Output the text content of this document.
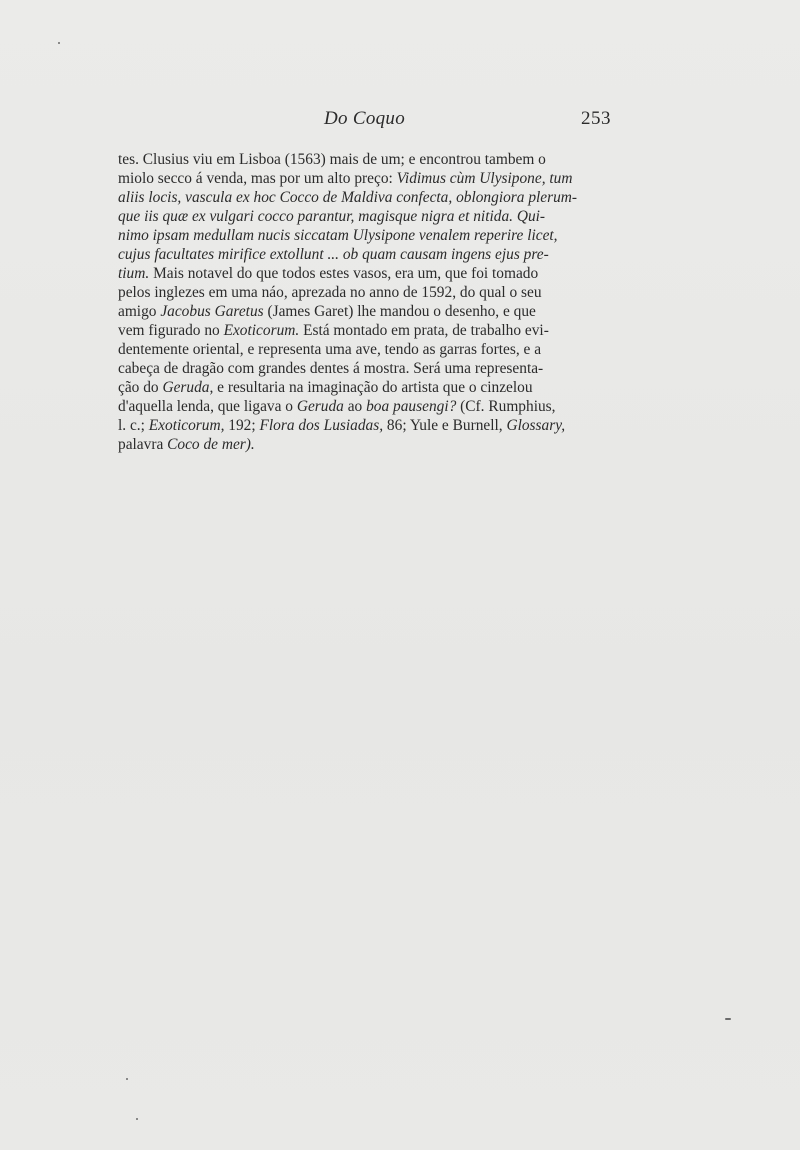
Do Coquo	253
tes. Clusius viu em Lisboa (1563) mais de um; e encontrou tambem o
miolo secco á venda, mas por um alto preço: Vidimus cùm Ulysipone, tum
aliis locis, vascula ex hoc Cocco de Maldiva confecta, oblongiora plerum-
que iis quæ ex vulgari cocco parantur, magisque nigra et nitida. Qui-
nimo ipsam medullam nucis siccatam Ulysipone venalem reperire licet,
cujus facultates mirifice extollunt ... ob quam causam ingens ejus pre-
tium. Mais notavel do que todos estes vasos, era um, que foi tomado
pelos inglezes em uma náo, aprezada no anno de 1592, do qual o seu
amigo Jacobus Garetus (James Garet) lhe mandou o desenho, e que
vem figurado no Exoticorum. Está montado em prata, de trabalho evi-
dentemente oriental, e representa uma ave, tendo as garras fortes, e a
cabeça de dragão com grandes dentes á mostra. Será uma representa-
ção do Geruda, e resultaria na imaginação do artista que o cinzelou
d'aquella lenda, que ligava o Geruda ao boa pausengi? (Cf. Rumphius,
l. c.; Exoticorum, 192; Flora dos Lusiadas, 86; Yule e Burnell, Glossary,
palavra Coco de mer).
